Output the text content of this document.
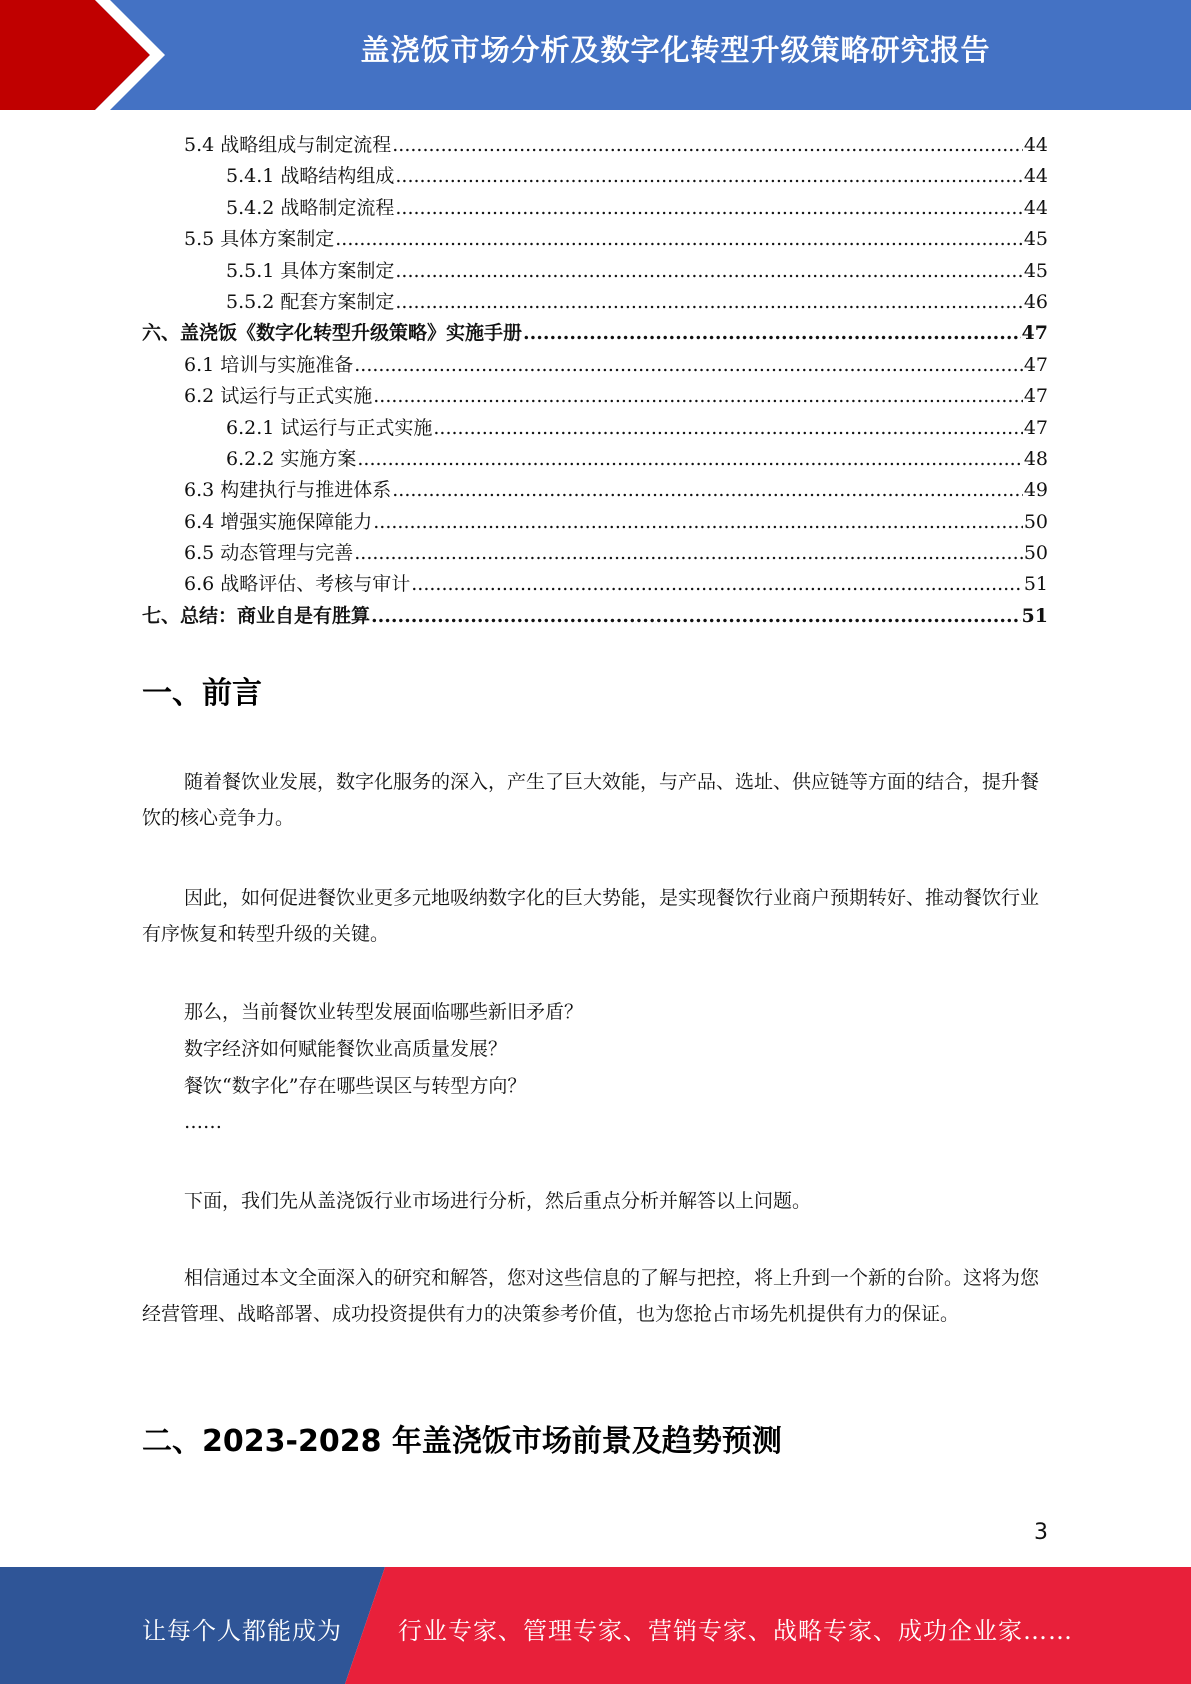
盖浇饭市场分析及数字化转型升级策略研究报告
5.4 战略组成与制定流程 .....	44
5.4.1 战略结构组成 .....	44
5.4.2 战略制定流程 .....	44
5.5 具体方案制定 .....	45
5.5.1 具体方案制定 .....	45
5.5.2 配套方案制定 .....	46
六、盖浇饭《数字化转型升级策略》实施手册 .....	47
6.1 培训与实施准备 .....	47
6.2 试运行与正式实施 .....	47
6.2.1 试运行与正式实施 .....	47
6.2.2 实施方案 .....	48
6.3 构建执行与推进体系 .....	49
6.4 增强实施保障能力 .....	50
6.5 动态管理与完善 .....	50
6.6 战略评估、考核与审计 .....	51
七、总结：商业自是有胜算 .....	51
一、前言
随着餐饮业发展，数字化服务的深入，产生了巨大效能，与产品、选址、供应链等方面的结合，提升餐饮的核心竞争力。
因此，如何促进餐饮业更多元地吸纳数字化的巨大势能，是实现餐饮行业商户预期转好、推动餐饮行业有序恢复和转型升级的关键。
那么，当前餐饮业转型发展面临哪些新旧矛盾？
数字经济如何赋能餐饮业高质量发展？
餐饮“数字化”存在哪些误区与转型方向？
……
下面，我们先从盖浇饭行业市场进行分析，然后重点分析并解答以上问题。
相信通过本文全面深入的研究和解答，您对这些信息的了解与把控，将上升到一个新的台阶。这将为您经营管理、战略部署、成功投资提供有力的决策参考价值，也为您抢占市场先机提供有力的保证。
二、2023-2028 年盖浇饭市场前景及趋势预测
3
让每个人都能成为 行业专家、管理专家、营销专家、战略专家、成功企业家……
